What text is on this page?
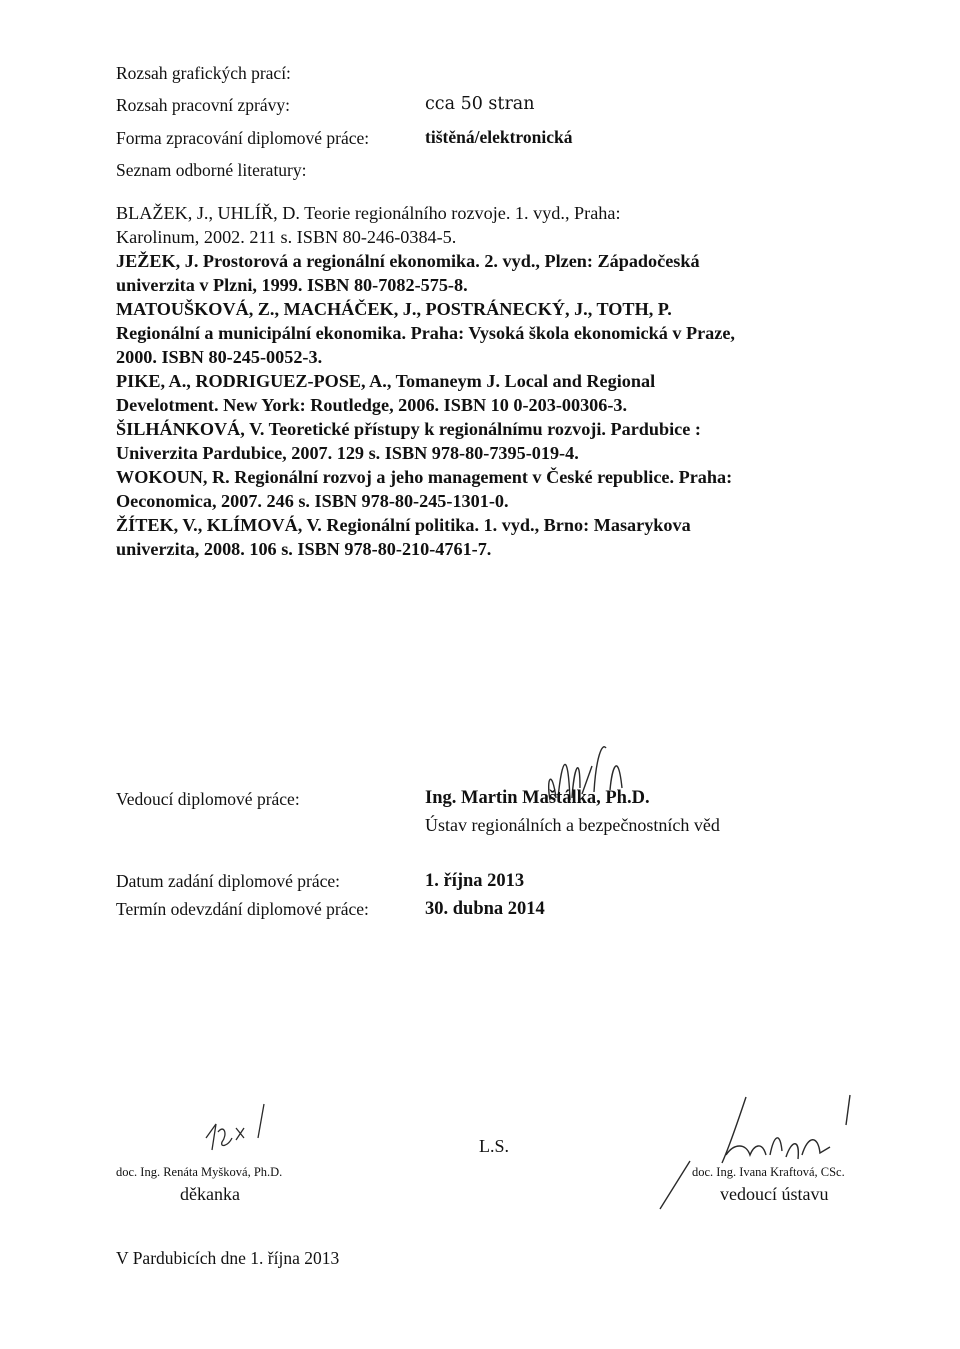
Rozsah grafických prací:
Rozsah pracovní zprávy:	cca 50 stran
Forma zpracování diplomové práce:	tištěná/elektronická
Seznam odborné literatury:
BLAŽEK, J., UHLÍŘ, D. Teorie regionálního rozvoje. 1. vyd., Praha:
Karolinum, 2002. 211 s. ISBN 80-246-0384-5.
JEŽEK, J. Prostorová a regionální ekonomika. 2. vyd., Plzen: Západočeská
univerzita v Plzni, 1999. ISBN 80-7082-575-8.
MATOUŠKOVÁ, Z., MACHÁČEK, J., POSTRÁNECKÝ, J., TOTH, P.
Regionální a municipální ekonomika. Praha: Vysoká škola ekonomická v Praze,
2000. ISBN 80-245-0052-3.
PIKE, A., RODRIGUEZ-POSE, A., Tomaneym J. Local and Regional
Develotment. New York: Routledge, 2006. ISBN 10 0-203-00306-3.
ŠILHÁNKOVÁ, V. Teoretické přístupy k regionálnímu rozvoji. Pardubice :
Univerzita Pardubice, 2007. 129 s. ISBN 978-80-7395-019-4.
WOKOUN, R. Regionální rozvoj a jeho management v České republice. Praha:
Oeconomica, 2007. 246 s. ISBN 978-80-245-1301-0.
ŽÍTEK, V., KLÍMOVÁ, V. Regionální politika. 1. vyd., Brno: Masarykova
univerzita, 2008. 106 s. ISBN 978-80-210-4761-7.
Vedoucí diplomové práce:	Ing. Martin Maštálka, Ph.D.
Ústav regionálních a bezpečnostních věd
Datum zadání diplomové práce:	1. října 2013
Termín odevzdání diplomové práce:	30. dubna 2014
doc. Ing. Renáta Myšková, Ph.D.
děkanka
L.S.
doc. Ing. Ivana Kraftová, CSc.
vedoucí ústavu
V Pardubicích dne 1. října 2013
